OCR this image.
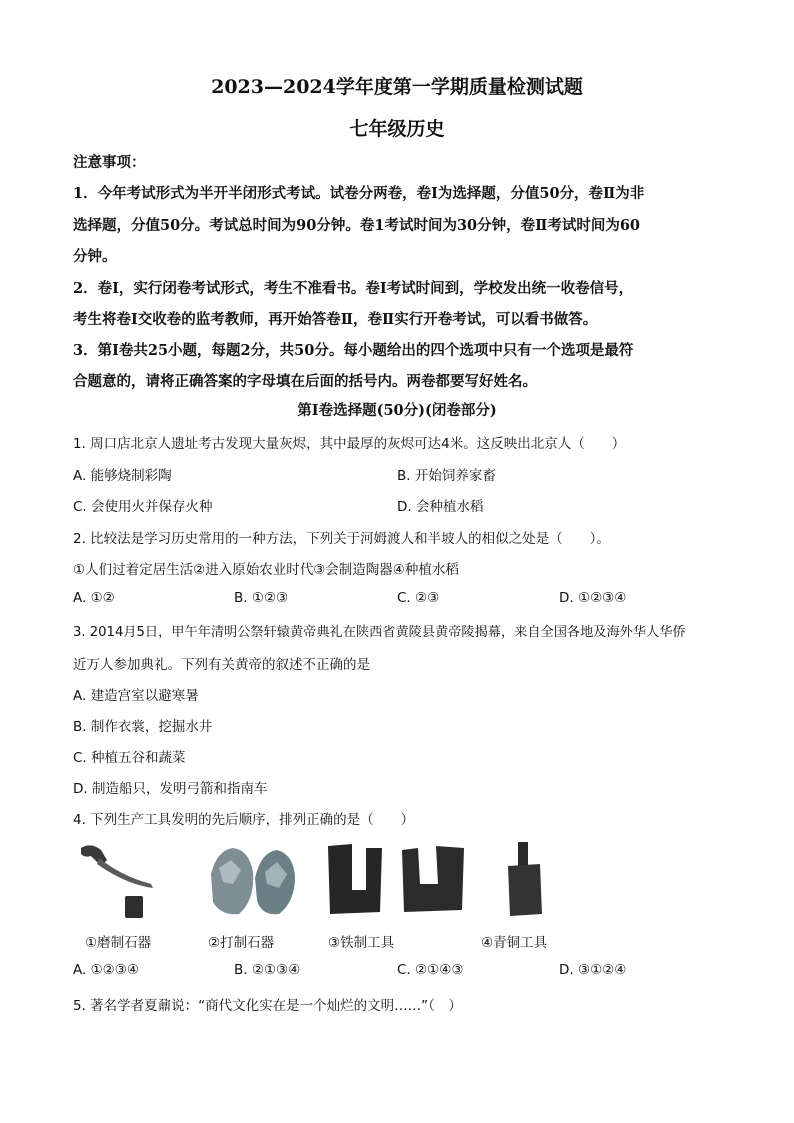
2023—2024学年度第一学期质量检测试题
七年级历史
注意事项：
1．今年考试形式为半开半闭形式考试。试卷分两卷，卷Ⅰ为选择题，分值50分，卷Ⅱ为非
选择题，分值50分。考试总时间为90分钟。卷1考试时间为30分钟，卷Ⅱ考试时间为60
分钟。
2．卷Ⅰ，实行闭卷考试形式，考生不准看书。卷Ⅰ考试时间到，学校发出统一收卷信号，
考生将卷Ⅰ交收卷的监考教师，再开始答卷Ⅱ，卷Ⅱ实行开卷考试，可以看书做答。
3．第Ⅰ卷共25小题，每题2分，共50分。每小题给出的四个选项中只有一个选项是最符
合题意的，请将正确答案的字母填在后面的括号内。两卷都要写好姓名。
第Ⅰ卷选择题(50分)(闭卷部分)
1. 周口店北京人遗址考古发现大量灰烬，其中最厚的灰烬可达4米。这反映出北京人（　　）
A. 能够烧制彩陶	B. 开始饲养家畜
C. 会使用火并保存火种	D. 会种植水稻
2. 比较法是学习历史常用的一种方法，下列关于河姆渡人和半坡人的相似之处是（　　）。
①人们过着定居生活②进入原始农业时代③会制造陶器④种植水稻
A. ①②	B. ①②③	C. ②③	D. ①②③④
3. 2014月5日，甲午年清明公祭轩辕黄帝典礼在陕西省黄陵县黄帝陵揭幕，来自全国各地及海外华人华侨
近万人参加典礼。下列有关黄帝的叙述不正确的是
A. 建造宫室以避寒暑
B. 制作衣裳，挖掘水井
C. 种植五谷和蔬菜
D. 制造船只，发明弓箭和指南车
4. 下列生产工具发明的先后顺序，排列正确的是（　　）
①磨制石器	②打制石器	③铁制工具	④青铜工具
A. ①②③④	B. ②①③④	C. ②①④③	D. ③①②④
5. 著名学者夏鼐说：“商代文化实在是一个灿烂的文明……”（　）
